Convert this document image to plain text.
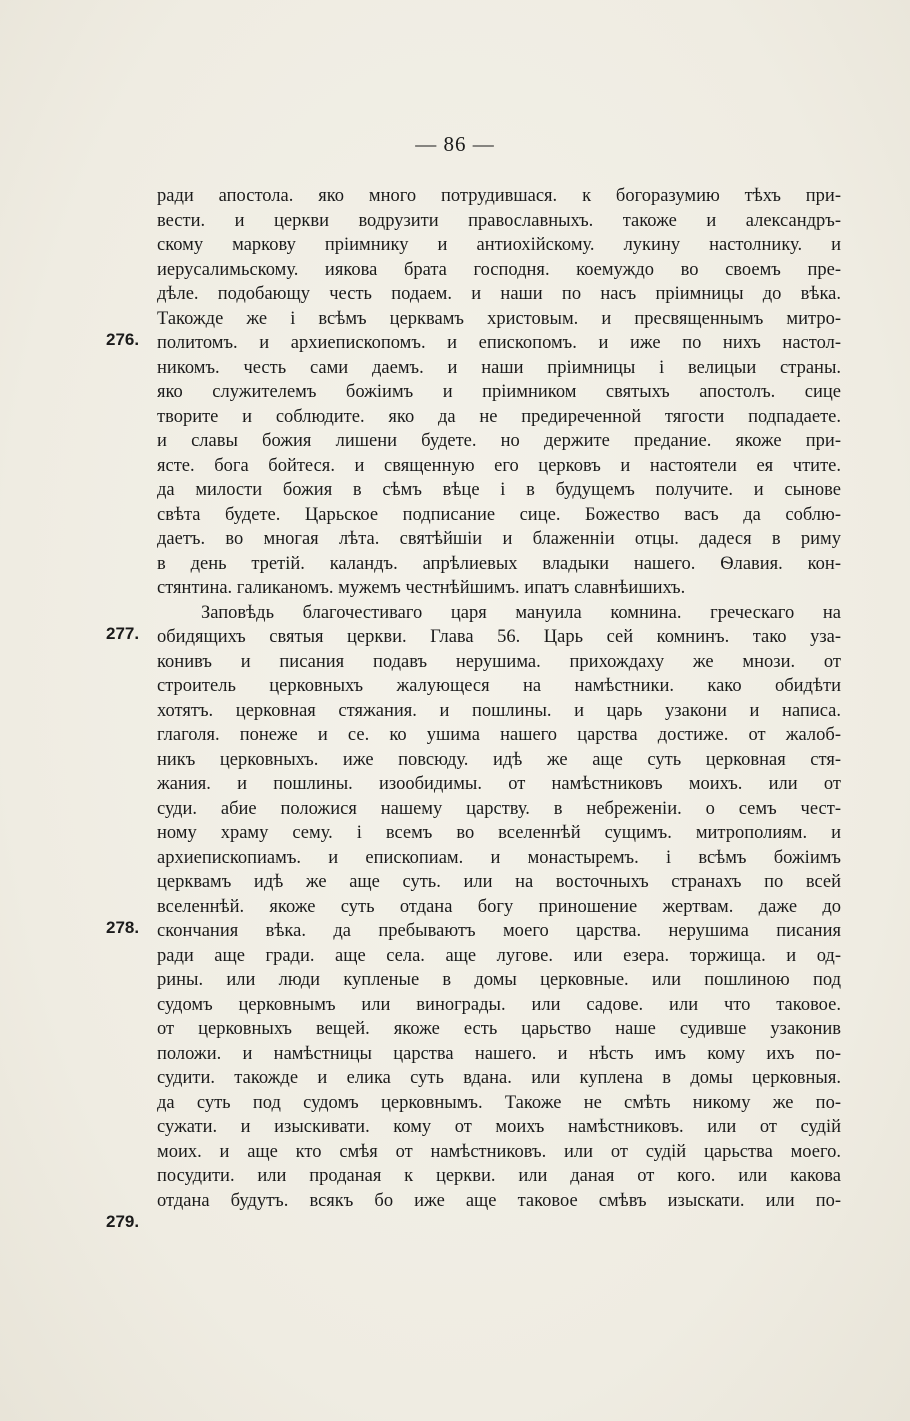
— 86 —
276.
277.
278.
279.
ради апостола. яко много потрудившася. к богоразумию тѣхъ при-
вести. и церкви водрузити православныхъ. такоже и александръ-
скому маркову прiимнику и антиохiйскому. лукину настолнику. и
иерусалимьскому. иякова брата господня. коемуждо во своемъ пре-
дѣле. подобающу честь подаем. и наши по насъ прiимницы до вѣка.
Такожде же i всѣмъ церквамъ христовым. и пресвященнымъ митро-
политомъ. и архиепископомъ. и епископомъ. и иже по нихъ настол-
никомъ. честь сами даемъ. и наши прiимницы i велицыи страны.
яко служителемъ божiимъ и прiимником святыхъ апостолъ. сице
творите и соблюдите. яко да не предиреченной тягости подпадаете.
и славы божия лишени будете. но держите предание. якоже при-
ясте. бога бойтеся. и священную его церковъ и настоятели ея чтите.
да милости божия в сѣмъ вѣце i в будущемъ получите. и сынове
свѣта будете. Царьское подписание сице. Божество васъ да соблю-
даетъ. во многая лѣта. святѣйшiи и блаженнiи отцы. дадеся в риму
в день третiй. каландъ. апрѣлиевых владыки нашего. Ѳлавия. кон-
стянтина. галиканомъ. мужемъ честнѣйшимъ. ипатъ славнѣишихъ.
Заповѣдь благочестиваго царя мануила комнина. греческаго на
обидящихъ святыя церкви. Глава 56. Царь сей комнинъ. тако уза-
конивъ и писания подавъ нерушима. прихождаху же мнози. от
строитель церковныхъ жалующеся на намѣстники. како обидѣти
хотятъ. церковная стяжания. и пошлины. и царь узакони и написа.
глаголя. понеже и се. ко ушима нашего царства достиже. от жалоб-
никъ церковныхъ. иже повсюду. идѣ же аще суть церковная стя-
жания. и пошлины. изообидимы. от намѣстниковъ моихъ. или от
суди. абие положися нашему царству. в небреженiи. о семъ чест-
ному храму сему. i всемъ во вселеннѣй сущимъ. митрополиям. и
архиепископиамъ. и епископиам. и монастыремъ. i всѣмъ божiимъ
церквамъ идѣ же аще суть. или на восточныхъ странахъ по всей
вселеннѣй. якоже суть отдана богу приношение жертвам. даже до
скончания вѣка. да пребываютъ моего царства. нерушима писания
ради аще гради. аще села. аще лугове. или езера. торжища. и од-
рины. или люди купленые в домы церковные. или пошлиною под
судомъ церковнымъ или винограды. или садове. или что таковое.
от церковныхъ вещей. якоже есть царьство наше судивше узаконив
положи. и намѣстницы царства нашего. и нѣсть имъ кому ихъ по-
судити. такожде и елика суть вдана. или куплена в домы церковныя.
да суть под судомъ церковнымъ. Такоже не смѣть никому же по-
сужати. и изыскивати. кому от моихъ намѣстниковъ. или от судiй
моих. и аще кто смѣя от намѣстниковъ. или от судiй царьства моего.
посудити. или проданая к церкви. или даная от кого. или какова
отдана будутъ. всякъ бо иже аще таковое смѣвъ изыскати. или по-
